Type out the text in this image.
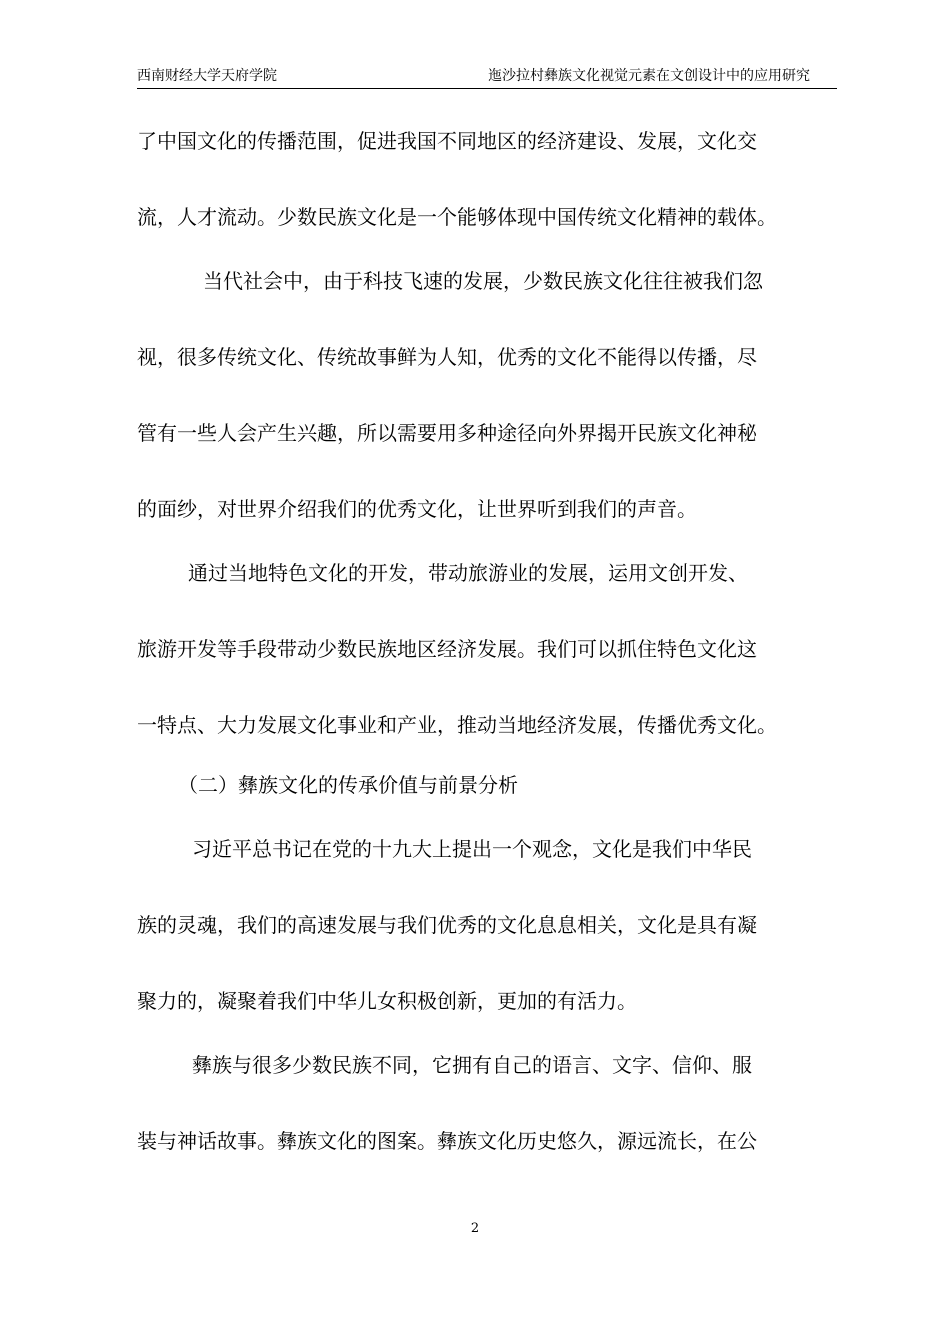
西南财经大学天府学院	迤沙拉村彝族文化视觉元素在文创设计中的应用研究
了中国文化的传播范围，促进我国不同地区的经济建设、发展，文化交
流，人才流动。少数民族文化是一个能够体现中国传统文化精神的载体。
当代社会中，由于科技飞速的发展，少数民族文化往往被我们忽
视，很多传统文化、传统故事鲜为人知，优秀的文化不能得以传播，尽
管有一些人会产生兴趣，所以需要用多种途径向外界揭开民族文化神秘
的面纱，对世界介绍我们的优秀文化，让世界听到我们的声音。
通过当地特色文化的开发，带动旅游业的发展，运用文创开发、
旅游开发等手段带动少数民族地区经济发展。我们可以抓住特色文化这
一特点、大力发展文化事业和产业，推动当地经济发展，传播优秀文化。
（二）彝族文化的传承价值与前景分析
习近平总书记在党的十九大上提出一个观念，文化是我们中华民
族的灵魂，我们的高速发展与我们优秀的文化息息相关，文化是具有凝
聚力的，凝聚着我们中华儿女积极创新，更加的有活力。
彝族与很多少数民族不同，它拥有自己的语言、文字、信仰、服
装与神话故事。彝族文化的图案。彝族文化历史悠久，源远流长，在公
2
